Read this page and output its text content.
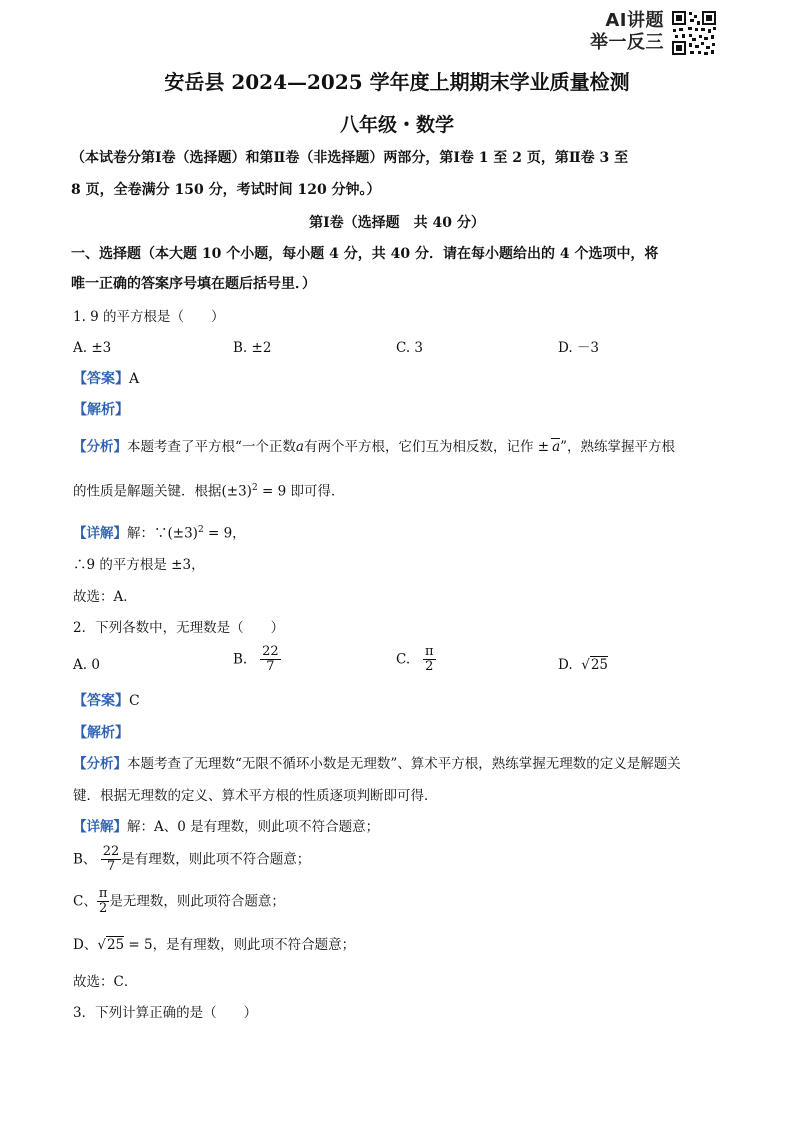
AI讲题
举一反三
安岳县 2024—2025 学年度上期期末学业质量检测
八年级・数学
（本试卷分第Ⅰ卷（选择题）和第Ⅱ卷（非选择题）两部分，第Ⅰ卷 1 至 2 页，第Ⅱ卷 3 至
8 页，全卷满分 150 分，考试时间 120 分钟。）
第Ⅰ卷（选择题　共 40 分）
一、选择题（本大题 10 个小题，每小题 4 分，共 40 分．请在每小题给出的 4 个选项中，将
唯一正确的答案序号填在题后括号里．）
1. 9 的平方根是（　　）
A. ±3	B. ±2	C. 3	D. －3
【答案】A
【解析】
【分析】本题考查了平方根“一个正数a有两个平方根，它们互为相反数，记作 ± a”，熟练掌握平方根
的性质是解题关键．根据$(\pm 3)^2 = 9$ 即可得．
【详解】解：$\because(\pm 3)^2 = 9$，
∴9 的平方根是 ±3，
故选：A．
2．下列各数中，无理数是（　　）
A. 0	B. $\frac{22}{7}$	C. $\frac{\pi}{2}$	D.  √25
【答案】C
【解析】
【分析】本题考查了无理数“无限不循环小数是无理数”、算术平方根，熟练掌握无理数的定义是解题关
键．根据无理数的定义、算术平方根的性质逐项判断即可得．
【详解】解：A、0 是有理数，则此项不符合题意；
B、 $\frac{22}{7}$ 是有理数，则此项不符合题意；
C、 $\frac{\pi}{2}$ 是无理数，则此项符合题意；
D、√25 = 5，是有理数，则此项不符合题意；
故选：C．
3．下列计算正确的是（　　）
